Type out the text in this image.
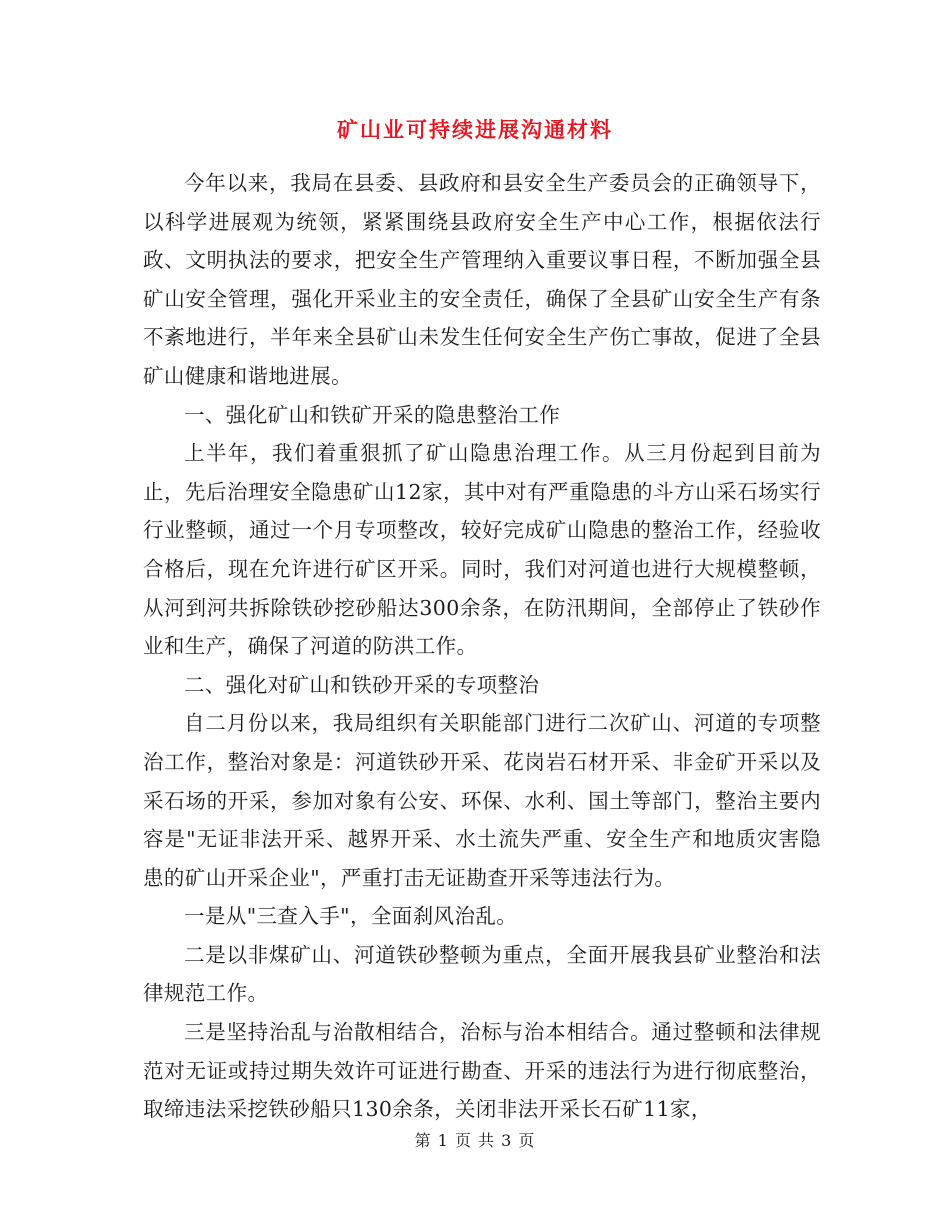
矿山业可持续进展沟通材料

今年以来，我局在县委、县政府和县安全生产委员会的正确领导下，以科学进展观为统领，紧紧围绕县政府安全生产中心工作，根据依法行政、文明执法的要求，把安全生产管理纳入重要议事日程，不断加强全县矿山安全管理，强化开采业主的安全责任，确保了全县矿山安全生产有条不紊地进行，半年来全县矿山未发生任何安全生产伤亡事故，促进了全县矿山健康和谐地进展。

一、强化矿山和铁矿开采的隐患整治工作

上半年，我们着重狠抓了矿山隐患治理工作。从三月份起到目前为止，先后治理安全隐患矿山12家，其中对有严重隐患的斗方山采石场实行行业整顿，通过一个月专项整改，较好完成矿山隐患的整治工作，经验收合格后，现在允许进行矿区开采。同时，我们对河道也进行大规模整顿，从河到河共拆除铁砂挖砂船达300余条，在防汛期间，全部停止了铁砂作业和生产，确保了河道的防洪工作。

二、强化对矿山和铁砂开采的专项整治

自二月份以来，我局组织有关职能部门进行二次矿山、河道的专项整治工作，整治对象是：河道铁砂开采、花岗岩石材开采、非金矿开采以及采石场的开采，参加对象有公安、环保、水利、国土等部门，整治主要内容是"无证非法开采、越界开采、水土流失严重、安全生产和地质灾害隐患的矿山开采企业"，严重打击无证勘查开采等违法行为。

一是从"三查入手"，全面刹风治乱。

二是以非煤矿山、河道铁砂整顿为重点，全面开展我县矿业整治和法律规范工作。

三是坚持治乱与治散相结合，治标与治本相结合。通过整顿和法律规范对无证或持过期失效许可证进行勘查、开采的违法行为进行彻底整治，取缔违法采挖铁砂船只130余条，关闭非法开采长石矿11家，

第 1 页 共 3 页
